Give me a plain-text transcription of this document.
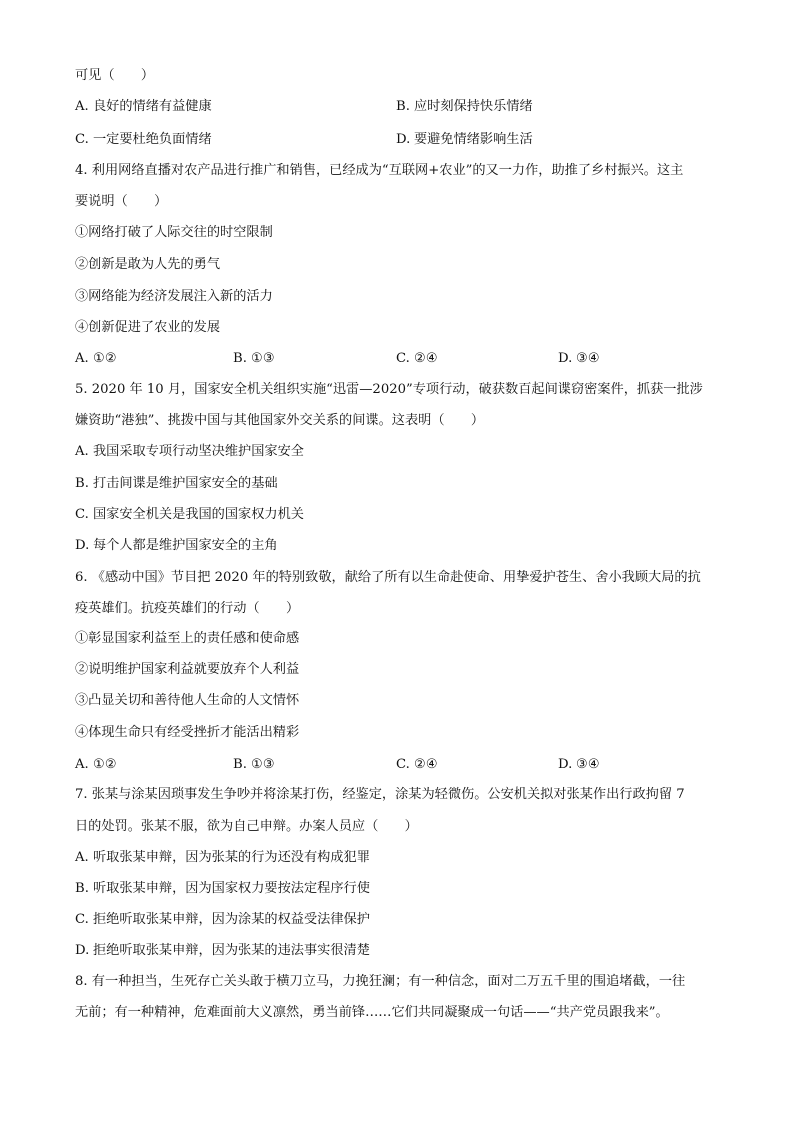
可见（　　）
A. 良好的情绪有益健康	B. 应时刻保持快乐情绪
C. 一定要杜绝负面情绪	D. 要避免情绪影响生活
4. 利用网络直播对农产品进行推广和销售，已经成为“互联网+农业”的又一力作，助推了乡村振兴。这主
要说明（　　）
①网络打破了人际交往的时空限制
②创新是敢为人先的勇气
③网络能为经济发展注入新的活力
④创新促进了农业的发展
A. ①②	B. ①③	C. ②④	D. ③④
5. 2020 年 10 月，国家安全机关组织实施“迅雷—2020”专项行动，破获数百起间谍窃密案件，抓获一批涉
嫌资助“港独”、挑拨中国与其他国家外交关系的间谍。这表明（　　）
A. 我国采取专项行动坚决维护国家安全
B. 打击间谍是维护国家安全的基础
C. 国家安全机关是我国的国家权力机关
D. 每个人都是维护国家安全的主角
6. 《感动中国》节目把 2020 年的特别致敬，献给了所有以生命赴使命、用挚爱护苍生、舍小我顾大局的抗
疫英雄们。抗疫英雄们的行动（　　）
①彰显国家利益至上的责任感和使命感
②说明维护国家利益就要放弃个人利益
③凸显关切和善待他人生命的人文情怀
④体现生命只有经受挫折才能活出精彩
A. ①②	B. ①③	C. ②④	D. ③④
7. 张某与涂某因琐事发生争吵并将涂某打伤，经鉴定，涂某为轻微伤。公安机关拟对张某作出行政拘留 7
日的处罚。张某不服，欲为自己申辩。办案人员应（　　）
A. 听取张某申辩，因为张某的行为还没有构成犯罪
B. 听取张某申辩，因为国家权力要按法定程序行使
C. 拒绝听取张某申辩，因为涂某的权益受法律保护
D. 拒绝听取张某申辩，因为张某的违法事实很清楚
8. 有一种担当，生死存亡关头敢于横刀立马，力挽狂澜；有一种信念，面对二万五千里的围追堵截，一往
无前；有一种精神，危难面前大义凛然，勇当前锋……它们共同凝聚成一句话——“共产党员跟我来”。
